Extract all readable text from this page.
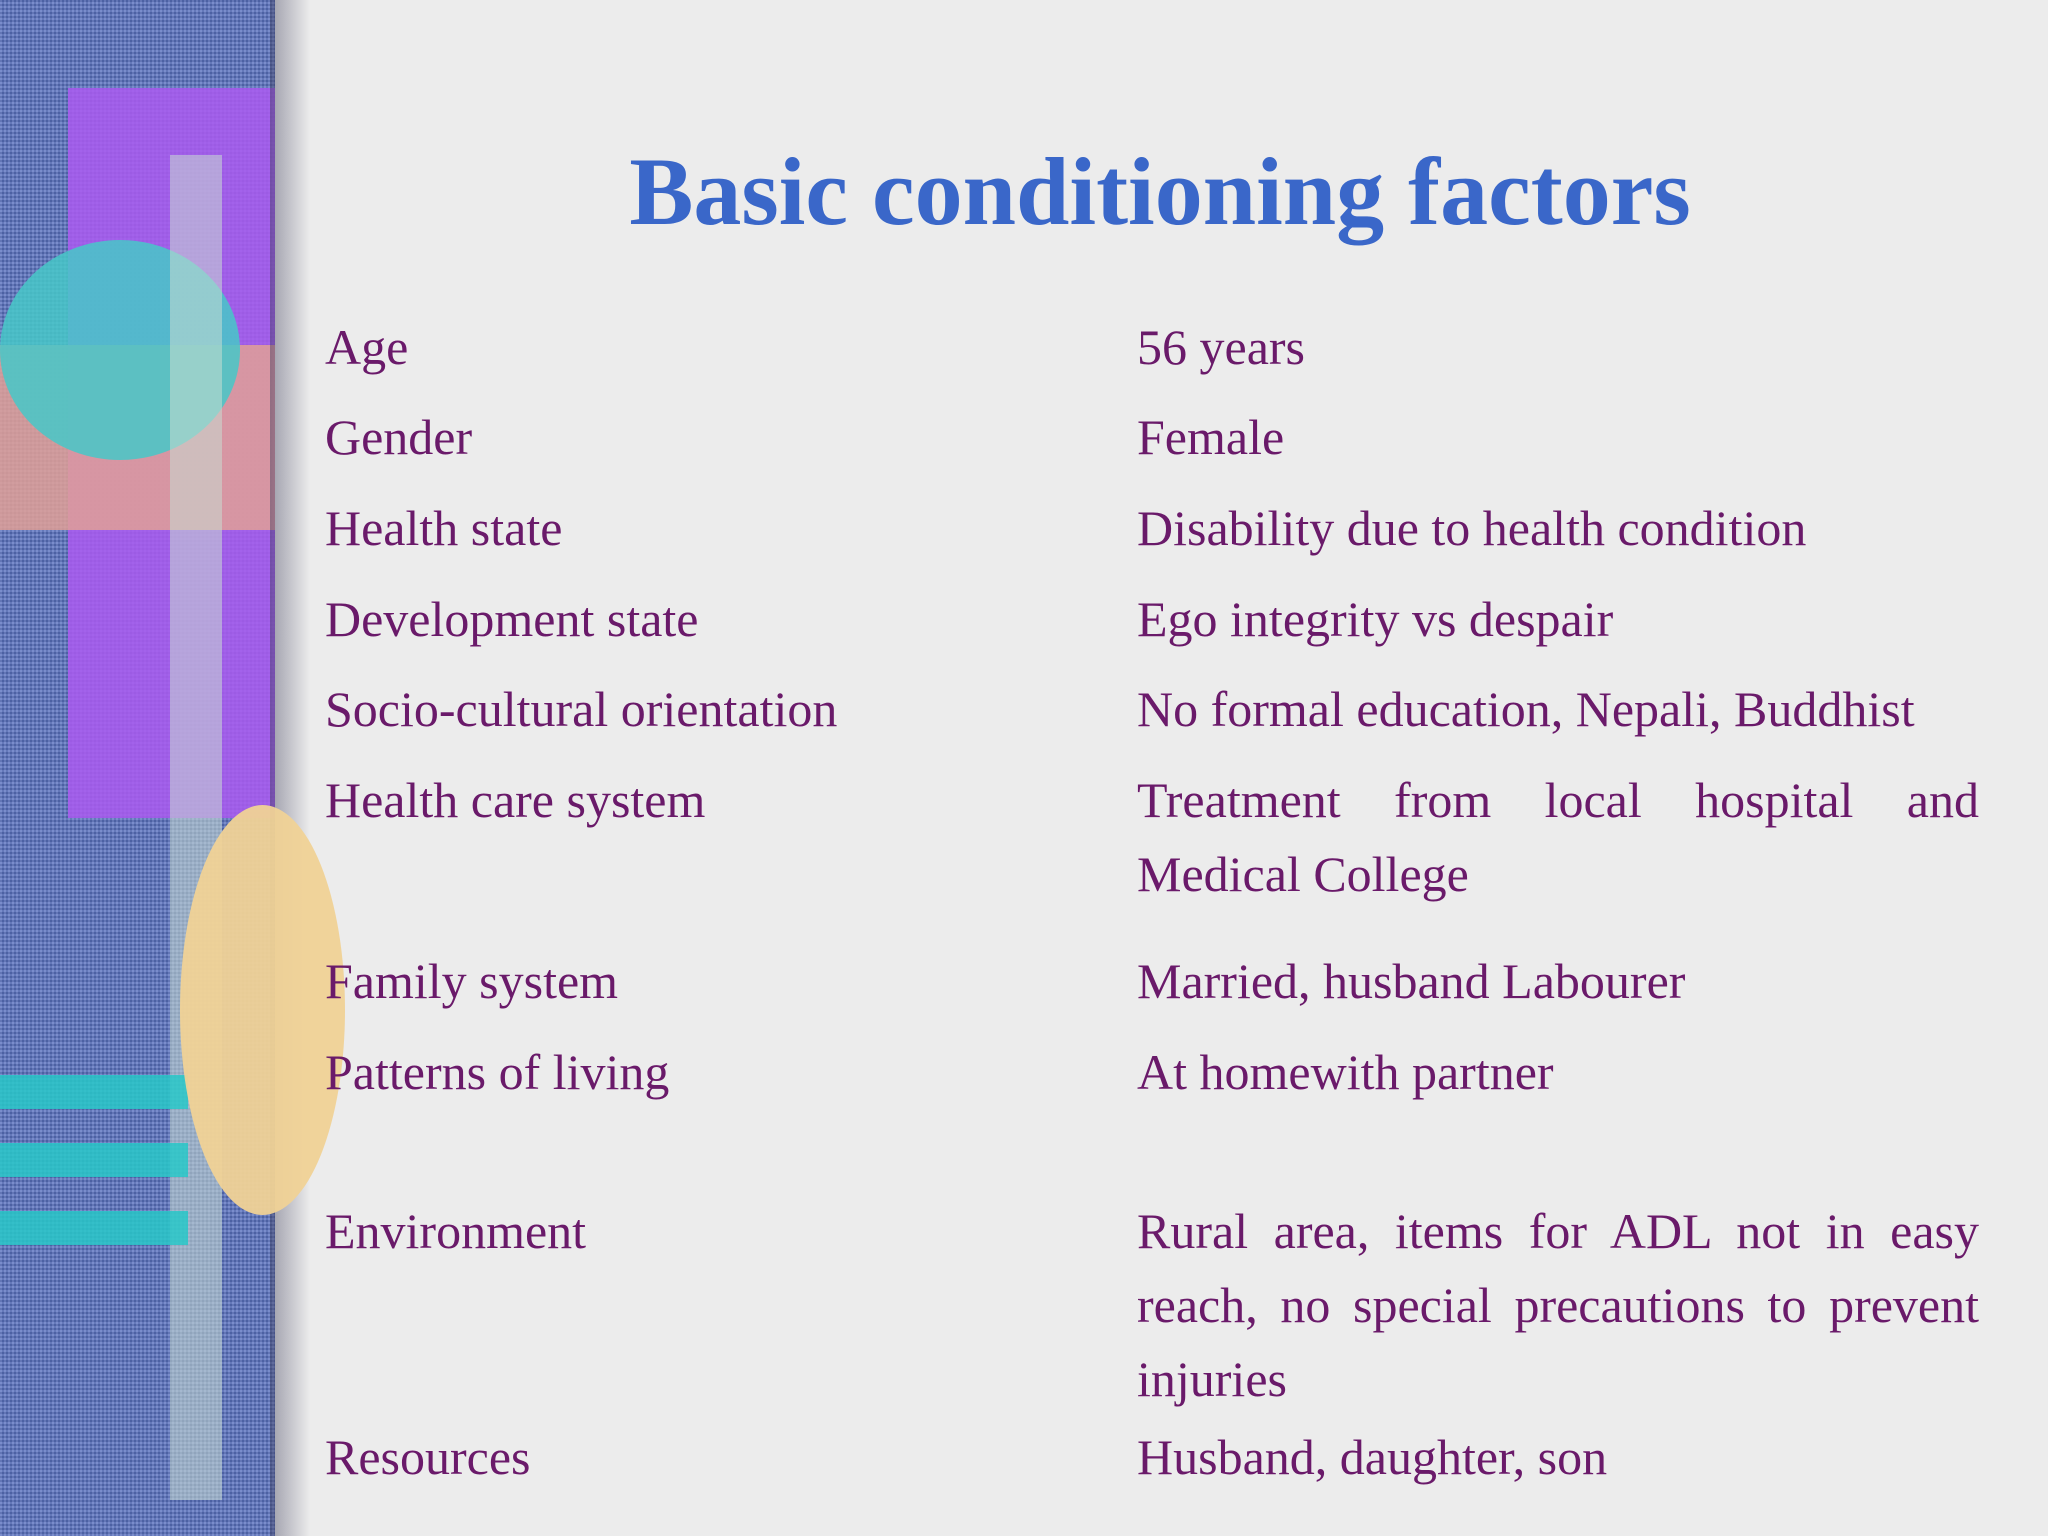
Basic conditioning factors
Age	56 years
Gender	Female
Health state	Disability due to health condition
Development state	Ego integrity vs despair
Socio-cultural orientation	No formal education, Nepali, Buddhist
Health care system	Treatment from local hospital and Medical College
Family system	Married, husband Labourer
Patterns of living	At homewith partner
Environment	Rural area, items for ADL not in easy reach, no special precautions to prevent injuries
Resources	Husband, daughter, son
